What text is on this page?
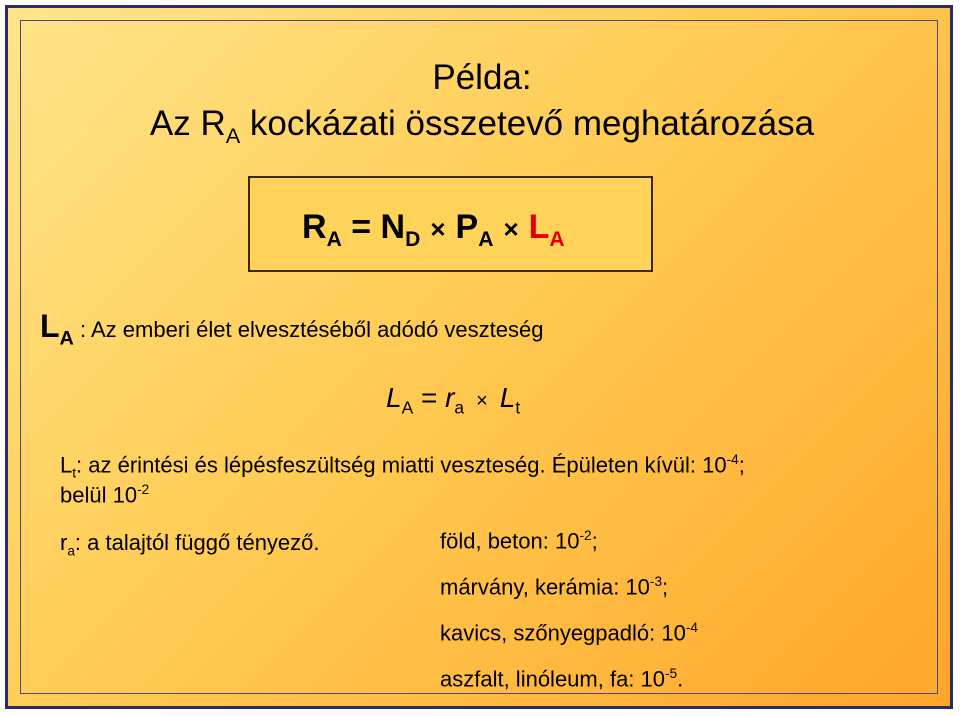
Példa:
Az $R_A$ kockázati összetevő meghatározása
$R_A = N_D \times P_A \times L_A$
$L_A$ : Az emberi élet elvesztéséből adódó veszteség
$L_A = r_a \times L_t$
$L_t$: az érintési és lépésfeszültség miatti veszteség. Épületen kívül: $10^{-4}$;
belül $10^{-2}$
$r_a$: a talajtól függő tényező.	föld, beton: $10^{-2}$;
márvány, kerámia: $10^{-3}$;
kavics, szőnyegpadló: $10^{-4}$
aszfalt, linóleum, fa: $10^{-5}$.
